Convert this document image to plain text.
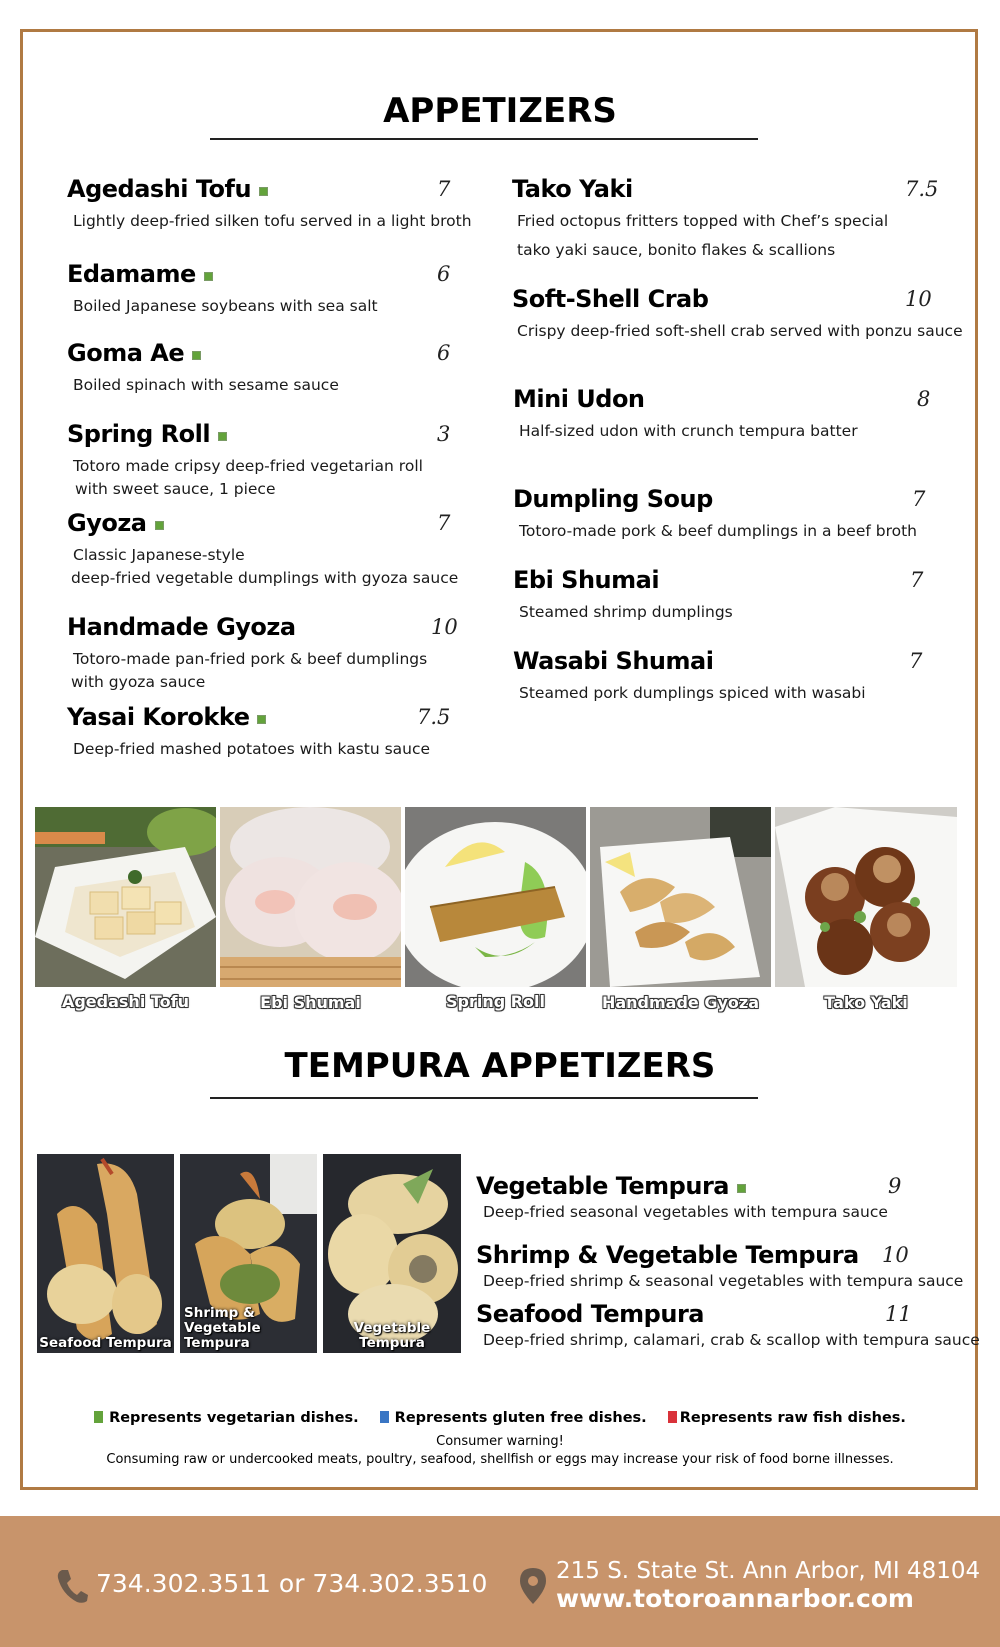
APPETIZERS
Agedashi Tofu	7
Lightly deep-fried silken tofu served in a light broth
Edamame	6
Boiled Japanese soybeans with sea salt
Goma Ae	6
Boiled spinach with sesame sauce
Spring Roll	3
Totoro made cripsy deep-fried vegetarian roll
with sweet sauce, 1 piece
Gyoza	7
Classic Japanese-style
deep-fried vegetable dumplings with gyoza sauce
Handmade Gyoza	10
Totoro-made pan-fried pork & beef dumplings
with gyoza sauce
Yasai Korokke	7.5
Deep-fried mashed potatoes with kastu sauce
Tako Yaki	7.5
Fried octopus fritters topped with Chef’s special
tako yaki sauce, bonito flakes & scallions
Soft-Shell Crab	10
Crispy deep-fried soft-shell crab served with ponzu sauce
Mini Udon	8
Half-sized udon with crunch tempura batter
Dumpling Soup	7
Totoro-made pork & beef dumplings in a beef broth
Ebi Shumai	7
Steamed shrimp dumplings
Wasabi Shumai	7
Steamed pork dumplings spiced with wasabi
Agedashi Tofu	Ebi Shumai	Spring Roll	Handmade Gyoza	Tako Yaki
TEMPURA APPETIZERS
Seafood Tempura
Shrimp &
Vegetable Tempura
Vegetable Tempura
Vegetable Tempura	9
Deep-fried seasonal vegetables with tempura sauce
Shrimp & Vegetable Tempura 10
Deep-fried shrimp & seasonal vegetables with tempura sauce
Seafood Tempura	11
Deep-fried shrimp, calamari, crab & scallop with tempura sauce
Represents vegetarian dishes. Represents gluten free dishes. Represents raw fish dishes.
Consumer warning!
Consuming raw or undercooked meats, poultry, seafood, shellfish or eggs may increase your risk of food borne illnesses.
734.302.3511 or 734.302.3510	215 S. State St. Ann Arbor, MI 48104
www.totoroannarbor.com
